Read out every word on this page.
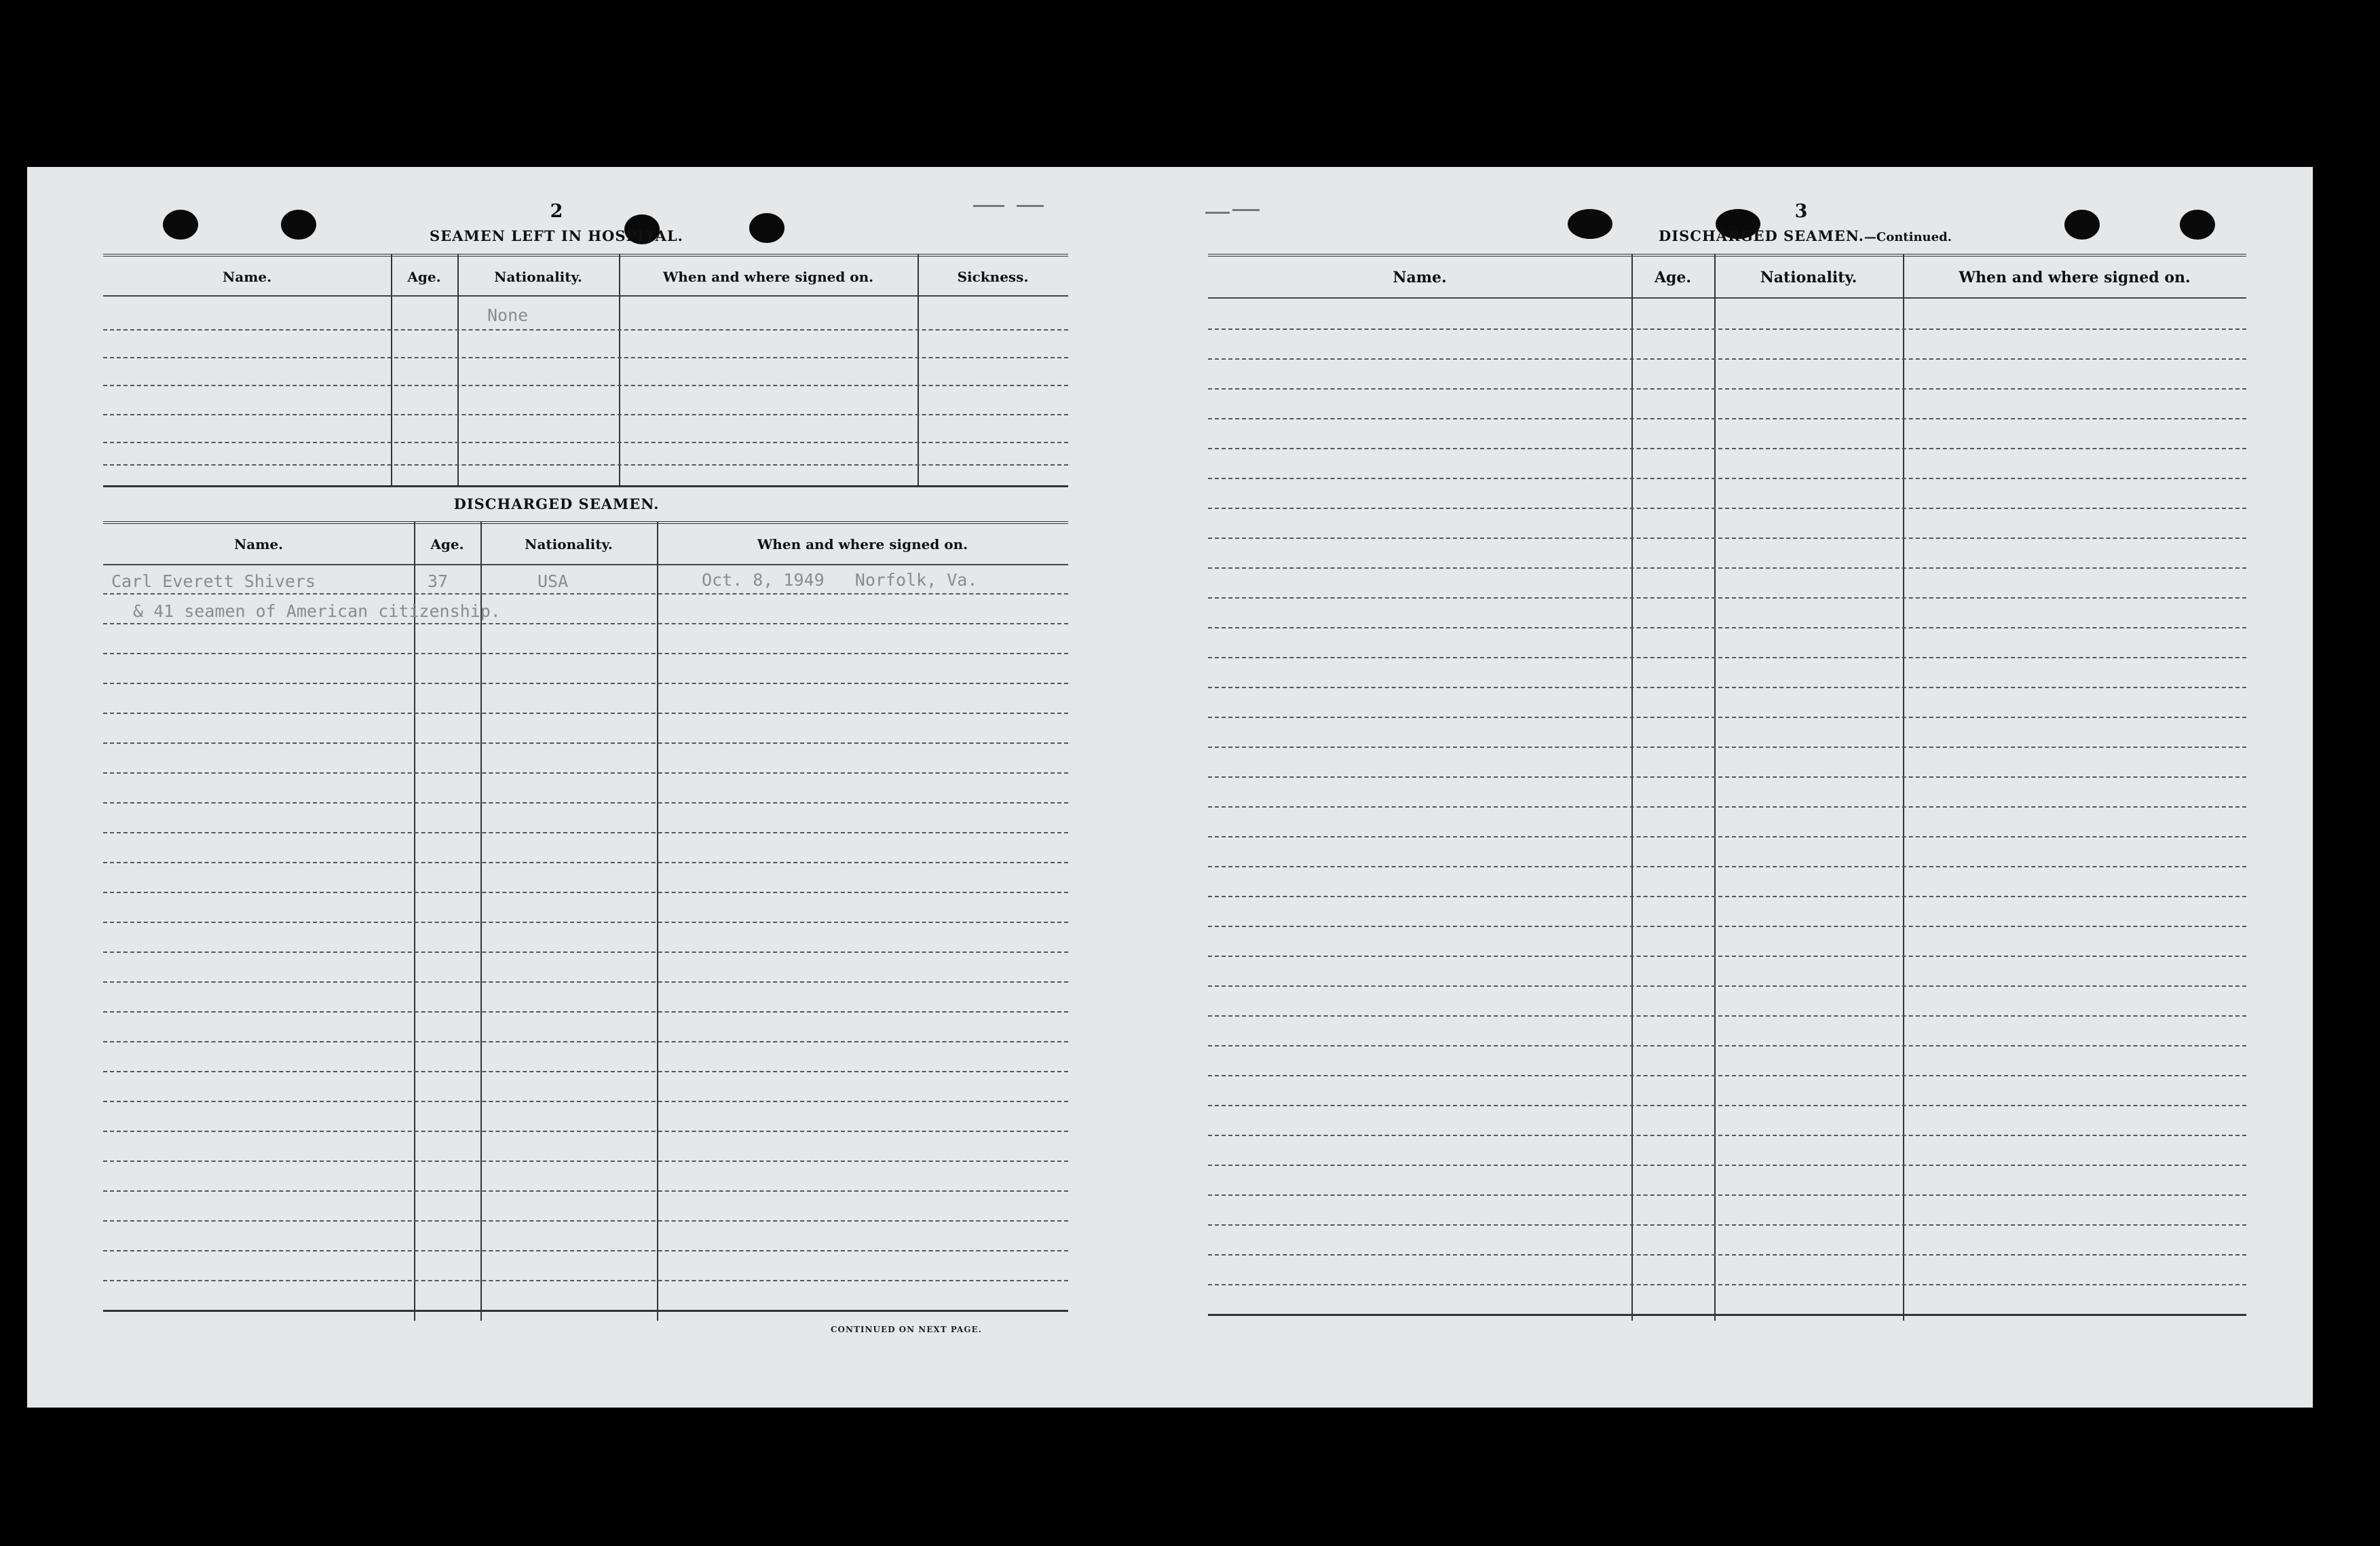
2
SEAMEN LEFT IN HOSPITAL.
Name.	Age.	Nationality.	When and where signed on.	Sickness.
None
DISCHARGED SEAMEN.
Name.	Age.	Nationality.	When and where signed on.
Carl Everett Shivers	37	USA	Oct. 8, 1949   Norfolk, Va.
& 41 seamen of American citizenship.
CONTINUED ON NEXT PAGE.
3
DISCHARGED SEAMEN.—Continued.
Name.	Age.	Nationality.	When and where signed on.
